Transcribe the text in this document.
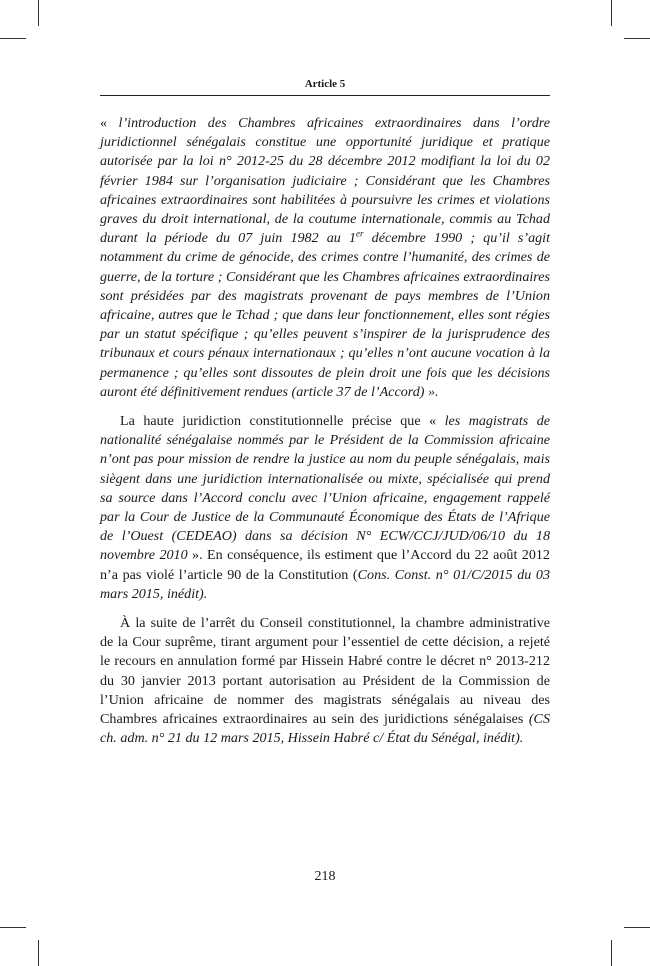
Article 5

« l’introduction des Chambres africaines extraordinaires dans l’ordre juridictionnel sénégalais constitue une opportunité juridique et pratique autorisée par la loi n° 2012-25 du 28 décembre 2012 modifiant la loi du 02 février 1984 sur l’organisation judiciaire ; Considérant que les Chambres africaines extraordinaires sont habilitées à poursuivre les crimes et violations graves du droit international, de la coutume internationale, commis au Tchad durant la période du 07 juin 1982 au 1er décembre 1990 ; qu’il s’agit notamment du crime de génocide, des crimes contre l’humanité, des crimes de guerre, de la torture ; Considérant que les Chambres africaines extraordinaires sont présidées par des magistrats provenant de pays membres de l’Union africaine, autres que le Tchad ; que dans leur fonctionnement, elles sont régies par un statut spécifique ; qu’elles peuvent s’inspirer de la jurisprudence des tribunaux et cours pénaux internationaux ; qu’elles n’ont aucune vocation à la permanence ; qu’elles sont dissoutes de plein droit une fois que les décisions auront été définitivement rendues (article 37 de l’Accord) ».

La haute juridiction constitutionnelle précise que « les magistrats de nationalité sénégalaise nommés par le Président de la Commission africaine n’ont pas pour mission de rendre la justice au nom du peuple sénégalais, mais siègent dans une juridiction internationalisée ou mixte, spécialisée qui prend sa source dans l’Accord conclu avec l’Union africaine, engagement rappelé par la Cour de Justice de la Communauté Économique des États de l’Afrique de l’Ouest (CEDEAO) dans sa décision N° ECW/CCJ/JUD/06/10 du 18 novembre 2010 ». En conséquence, ils estiment que l’Accord du 22 août 2012 n’a pas violé l’article 90 de la Constitution (Cons. Const. n° 01/C/2015 du 03 mars 2015, inédit).

À la suite de l’arrêt du Conseil constitutionnel, la chambre administrative de la Cour suprême, tirant argument pour l’essentiel de cette décision, a rejeté le recours en annulation formé par Hissein Habré contre le décret n° 2013-212 du 30 janvier 2013 portant autorisation au Président de la Commission de l’Union africaine de nommer des magistrats sénégalais au niveau des Chambres africaines extraordinaires au sein des juridictions sénégalaises (CS ch. adm. n° 21 du 12 mars 2015, Hissein Habré c/ État du Sénégal, inédit).

218
